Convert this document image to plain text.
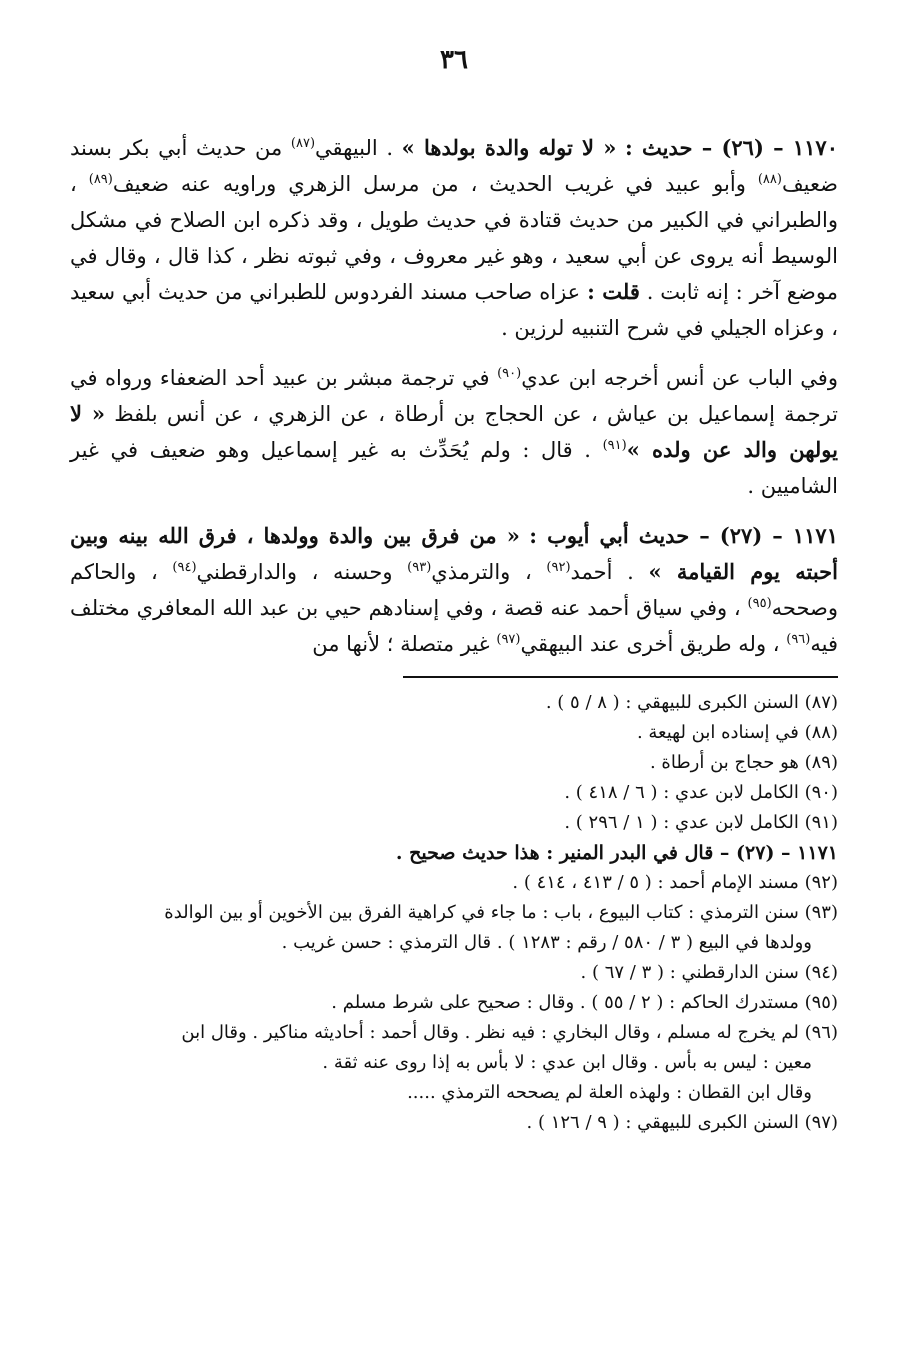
٣٦

١١٧٠ – (٢٦) – حديث : « لا توله والدة بولدها » . البيهقي$^{(٨٧)}$ من حديث أبي بكر بسند ضعيف$^{(٨٨)}$ وأبو عبيد في غريب الحديث ، من مرسل الزهري وراويه عنه ضعيف$^{(٨٩)}$ ، والطبراني في الكبير من حديث قتادة في حديث طويل ، وقد ذكره ابن الصلاح في مشكل الوسيط أنه يروى عن أبي سعيد ، وهو غير معروف ، وفي ثبوته نظر ، كذا قال ، وقال في موضع آخر : إنه ثابت . قلت : عزاه صاحب مسند الفردوس للطبراني من حديث أبي سعيد ، وعزاه الجيلي في شرح التنبيه لرزين .

وفي الباب عن أنس أخرجه ابن عدي$^{(٩٠)}$ في ترجمة مبشر بن عبيد أحد الضعفاء ورواه في ترجمة إسماعيل بن عياش ، عن الحجاج بن أرطاة ، عن الزهري ، عن أنس بلفظ « لا يولهن والد عن ولده »$^{(٩١)}$ . قال : ولم يُحَدِّث به غير إسماعيل وهو ضعيف في غير الشاميين .

١١٧١ – (٢٧) – حديث أبي أيوب : « من فرق بين والدة وولدها ، فرق الله بينه وبين أحبته يوم القيامة » . أحمد$^{(٩٢)}$ ، والترمذي$^{(٩٣)}$ وحسنه ، والدارقطني$^{(٩٤)}$ ، والحاكم وصححه$^{(٩٥)}$ ، وفي سياق أحمد عنه قصة ، وفي إسنادهم حيي بن عبد الله المعافري مختلف فيه$^{(٩٦)}$ ، وله طريق أخرى عند البيهقي$^{(٩٧)}$ غير متصلة ؛ لأنها من

(٨٧) السنن الكبرى للبيهقي : ( ٨ / ٥ ) .
(٨٨) في إسناده ابن لهيعة .
(٨٩) هو حجاج بن أرطاة .
(٩٠) الكامل لابن عدي : ( ٦ / ٤١٨ ) .
(٩١) الكامل لابن عدي : ( ١ / ٢٩٦ ) .
١١٧١ – (٢٧) – قال في البدر المنير : هذا حديث صحيح .
(٩٢) مسند الإمام أحمد : ( ٥ / ٤١٣ ، ٤١٤ ) .
(٩٣) سنن الترمذي : كتاب البيوع ، باب : ما جاء في كراهية الفرق بين الأخوين أو بين الوالدة
وولدها في البيع ( ٣ / ٥٨٠ / رقم : ١٢٨٣ ) . قال الترمذي : حسن غريب .
(٩٤) سنن الدارقطني : ( ٣ / ٦٧ ) .
(٩٥) مستدرك الحاكم : ( ٢ / ٥٥ ) . وقال : صحيح على شرط مسلم .
(٩٦) لم يخرج له مسلم ، وقال البخاري : فيه نظر . وقال أحمد : أحاديثه مناكير . وقال ابن
معين : ليس به بأس . وقال ابن عدي : لا بأس به إذا روى عنه ثقة .
وقال ابن القطان : ولهذه العلة لم يصححه الترمذي .....
(٩٧) السنن الكبرى للبيهقي : ( ٩ / ١٢٦ ) .
